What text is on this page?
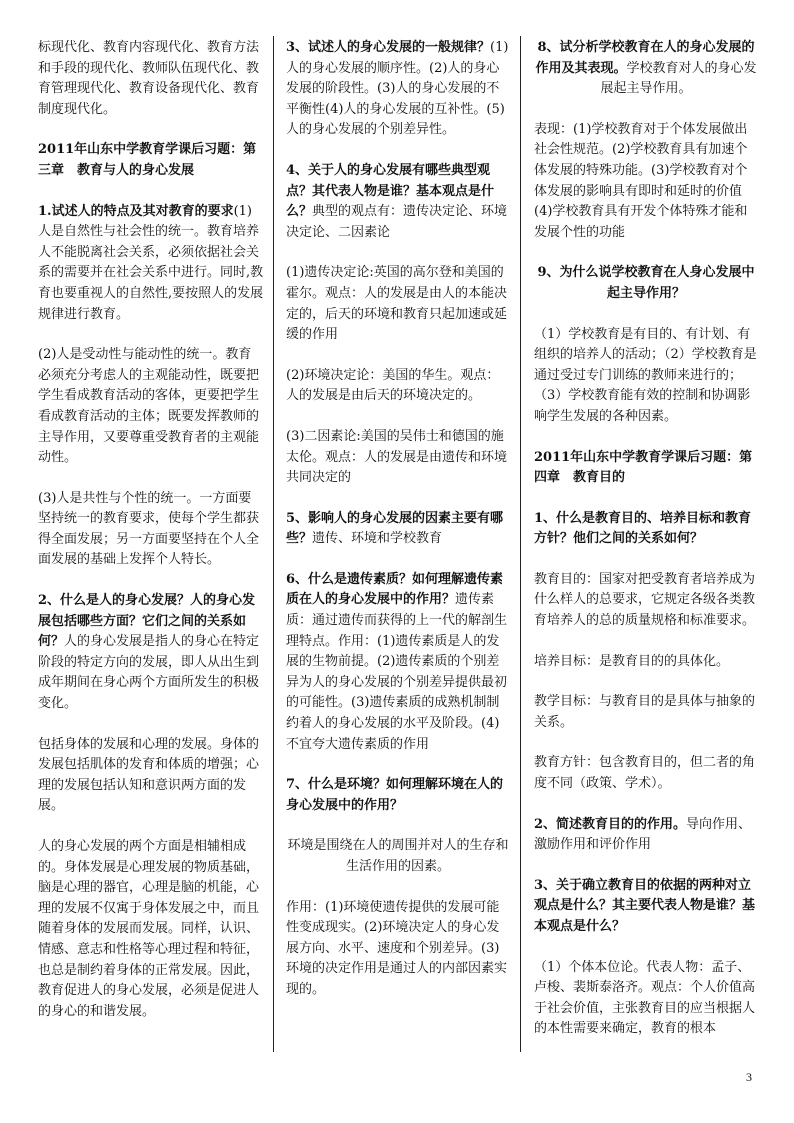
标现代化、教育内容现代化、教育方法和手段的现代化、教师队伍现代化、教育管理现代化、教育设备现代化、教育制度现代化。

2011年山东中学教育学课后习题：第三章　教育与人的身心发展

1.试述人的特点及其对教育的要求(1)人是自然性与社会性的统一。教育培养人不能脱离社会关系，必须依据社会关系的需要并在社会关系中进行。同时,教育也要重视人的自然性,要按照人的发展规律进行教育。

(2)人是受动性与能动性的统一。教育必须充分考虑人的主观能动性，既要把学生看成教育活动的客体，更要把学生看成教育活动的主体；既要发挥教师的主导作用，又要尊重受教育者的主观能动性。

(3)人是共性与个性的统一。一方面要坚持统一的教育要求，使每个学生都获得全面发展；另一方面要坚持在个人全面发展的基础上发挥个人特长。

2、什么是人的身心发展？人的身心发展包括哪些方面？它们之间的关系如何？人的身心发展是指人的身心在特定阶段的特定方向的发展，即人从出生到成年期间在身心两个方面所发生的积极变化。

包括身体的发展和心理的发展。身体的发展包括肌体的发育和体质的增强；心理的发展包括认知和意识两方面的发展。

人的身心发展的两个方面是相辅相成的。身体发展是心理发展的物质基础，脑是心理的器官，心理是脑的机能，心理的发展不仅寓于身体发展之中，而且随着身体的发展而发展。同样，认识、情感、意志和性格等心理过程和特征，也总是制约着身体的正常发展。因此，教育促进人的身心发展，必须是促进人的身心的和谐发展。

3、试述人的身心发展的一般规律？(1)人的身心发展的顺序性。(2)人的身心发展的阶段性。(3)人的身心发展的不平衡性(4)人的身心发展的互补性。(5)人的身心发展的个别差异性。

4、关于人的身心发展有哪些典型观点？其代表人物是谁？基本观点是什么？典型的观点有：遗传决定论、环境决定论、二因素论

(1)遗传决定论:英国的高尔登和美国的霍尔。观点：人的发展是由人的本能决定的，后天的环境和教育只起加速或延缓的作用

(2)环境决定论：美国的华生。观点：人的发展是由后天的环境决定的。

(3)二因素论:美国的吴伟士和德国的施太伦。观点：人的发展是由遗传和环境共同决定的

5、影响人的身心发展的因素主要有哪些？遗传、环境和学校教育

6、什么是遗传素质？如何理解遗传素质在人的身心发展中的作用？遗传素质：通过遗传而获得的上一代的解剖生理特点。作用：(1)遗传素质是人的发展的生物前提。(2)遗传素质的个别差异为人的身心发展的个别差异提供最初的可能性。(3)遗传素质的成熟机制制约着人的身心发展的水平及阶段。(4)不宜夸大遗传素质的作用

7、什么是环境？如何理解环境在人的身心发展中的作用？

环境是围绕在人的周围并对人的生存和生活作用的因素。

作用：(1)环境使遗传提供的发展可能性变成现实。(2)环境决定人的身心发展方向、水平、速度和个别差异。(3)环境的决定作用是通过人的内部因素实现的。

8、试分析学校教育在人的身心发展的作用及其表现。学校教育对人的身心发展起主导作用。

表现：(1)学校教育对于个体发展做出社会性规范。(2)学校教育具有加速个体发展的特殊功能。(3)学校教育对个体发展的影响具有即时和延时的价值(4)学校教育具有开发个体特殊才能和发展个性的功能

9、为什么说学校教育在人身心发展中起主导作用？

（1）学校教育是有目的、有计划、有组织的培养人的活动；（2）学校教育是通过受过专门训练的教师来进行的；（3）学校教育能有效的控制和协调影响学生发展的各种因素。

2011年山东中学教育学课后习题：第四章　教育目的

1、什么是教育目的、培养目标和教育方针？他们之间的关系如何？

教育目的：国家对把受教育者培养成为什么样人的总要求，它规定各级各类教育培养人的总的质量规格和标准要求。

培养目标：是教育目的的具体化。

教学目标：与教育目的是具体与抽象的关系。

教育方针：包含教育目的，但二者的角度不同（政策、学术）。

2、简述教育目的的作用。导向作用、激励作用和评价作用

3、关于确立教育目的依据的两种对立观点是什么？其主要代表人物是谁？基本观点是什么？

（1）个体本位论。代表人物：孟子、卢梭、裴斯泰洛齐。观点：个人价值高于社会价值，主张教育目的应当根据人的本性需要来确定，教育的根本

3
